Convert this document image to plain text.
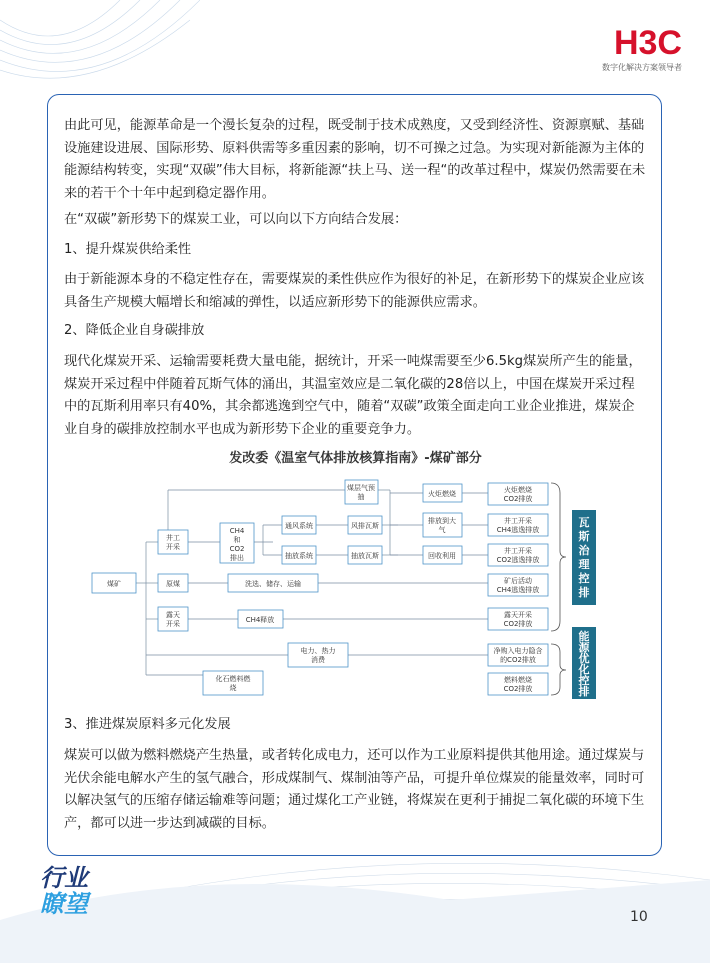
H3C
数字化解决方案领导者

由此可见，能源革命是一个漫长复杂的过程，既受制于技术成熟度，又受到经济性、资源禀赋、基础设施建设进展、国际形势、原料供需等多重因素的影响，切不可操之过急。为实现对新能源为主体的能源结构转变，实现“双碳”伟大目标，将新能源“扶上马、送一程“的改革过程中，煤炭仍然需要在未来的若干个十年中起到稳定器作用。

在“双碳”新形势下的煤炭工业，可以向以下方向结合发展：

1、提升煤炭供给柔性

由于新能源本身的不稳定性存在，需要煤炭的柔性供应作为很好的补足，在新形势下的煤炭企业应该具备生产规模大幅增长和缩减的弹性，以适应新形势下的能源供应需求。

2、降低企业自身碳排放

现代化煤炭开采、运输需要耗费大量电能，据统计，开采一吨煤需要至少6.5kg煤炭所产生的能量，煤炭开采过程中伴随着瓦斯气体的涌出，其温室效应是二氧化碳的28倍以上，中国在煤炭开采过程中的瓦斯利用率只有40%，其余都逃逸到空气中，随着“双碳”政策全面走向工业企业推进，煤炭企业自身的碳排放控制水平也成为新形势下企业的重要竞争力。

发改委《温室气体排放核算指南》-煤矿部分
煤矿
井工
开采
CH4
和
CO2
排出
煤层气预
抽
通风系统	风排瓦斯
抽放系统	抽放瓦斯
火炬燃烧
排放到大
气
回收利用
原煤	洗选、储存、运输
露天
开采	CH4释放
电力、热力
消费
化石燃料燃
烧
火炬燃烧
CO2排放
井工开采
CH4逃逸排放
井工开采
CO2逃逸排放
矿后活动
CH4逃逸排放
露天开采
CO2排放
净购入电力隐含
的CO2排放
燃料燃烧
CO2排放
瓦
斯
治
理
控
排
能
源
优
化
控
排

3、推进煤炭原料多元化发展

煤炭可以做为燃料燃烧产生热量，或者转化成电力，还可以作为工业原料提供其他用途。通过煤炭与光伏余能电解水产生的氢气融合，形成煤制气、煤制油等产品，可提升单位煤炭的能量效率，同时可以解决氢气的压缩存储运输难等问题；通过煤化工产业链，将煤炭在更利于捕捉二氧化碳的环境下生产，都可以进一步达到减碳的目标。

行业
瞭望	10
